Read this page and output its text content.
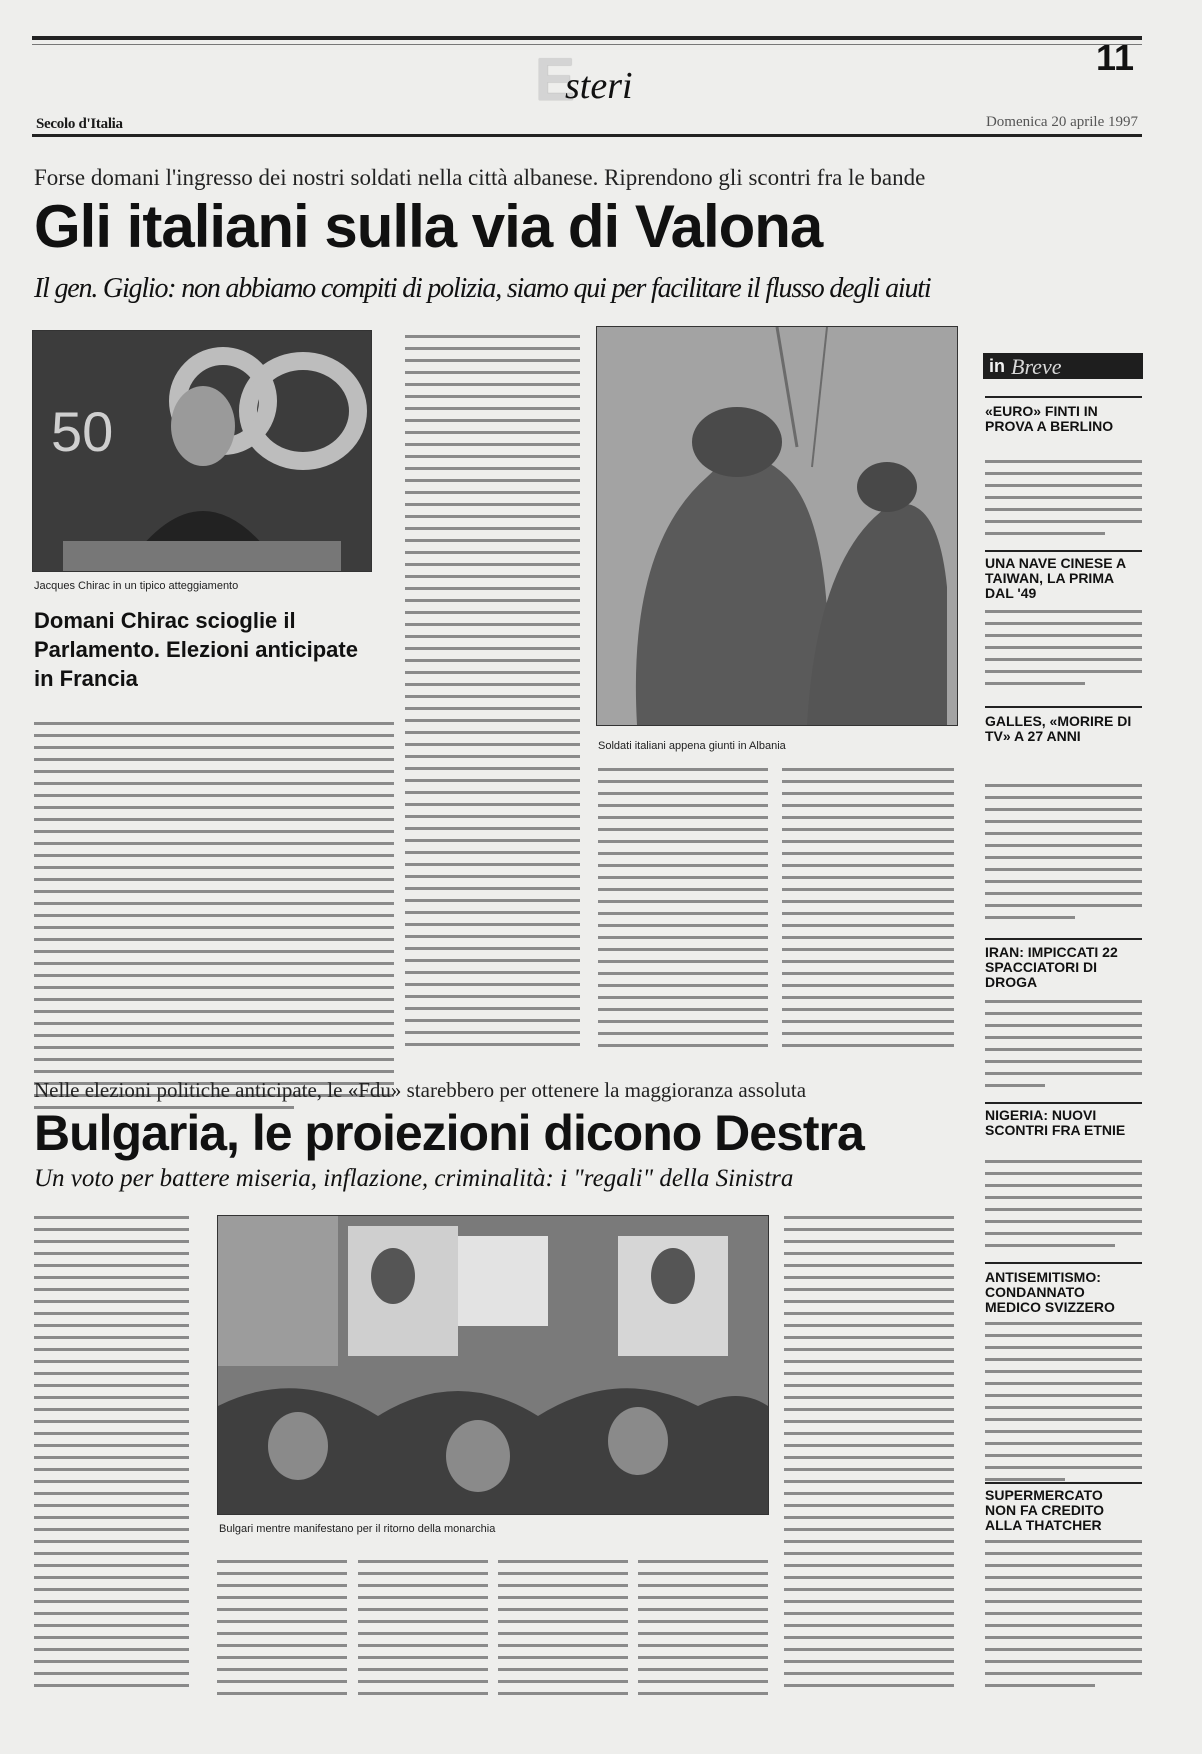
E
steri
11
Secolo d'Italia	Domenica 20 aprile 1997
Forse domani l'ingresso dei nostri soldati nella città albanese. Riprendono gli scontri fra le bande
Gli italiani sulla via di Valona
Il gen. Giglio: non abbiamo compiti di polizia, siamo qui per facilitare il flusso degli aiuti
50
Jacques Chirac in un tipico atteggiamento
Domani Chirac scioglie il Parlamento. Elezioni anticipate in Francia
Soldati italiani appena giunti in Albania
Nelle elezioni politiche anticipate, le «Fdu» starebbero per ottenere la maggioranza assoluta
Bulgaria, le proiezioni dicono Destra
Un voto per battere miseria, inflazione, criminalità: i "regali" della Sinistra
Bulgari mentre manifestano per il ritorno della monarchia
in Breve
«EURO» FINTI IN PROVA A BERLINO
UNA NAVE CINESE A TAIWAN, LA PRIMA DAL '49
GALLES, «MORIRE DI TV» A 27 ANNI
IRAN: IMPICCATI 22 SPACCIATORI DI DROGA
NIGERIA: NUOVI SCONTRI FRA ETNIE
ANTISEMITISMO: CONDANNATO MEDICO SVIZZERO
SUPERMERCATO NON FA CREDITO ALLA THATCHER
